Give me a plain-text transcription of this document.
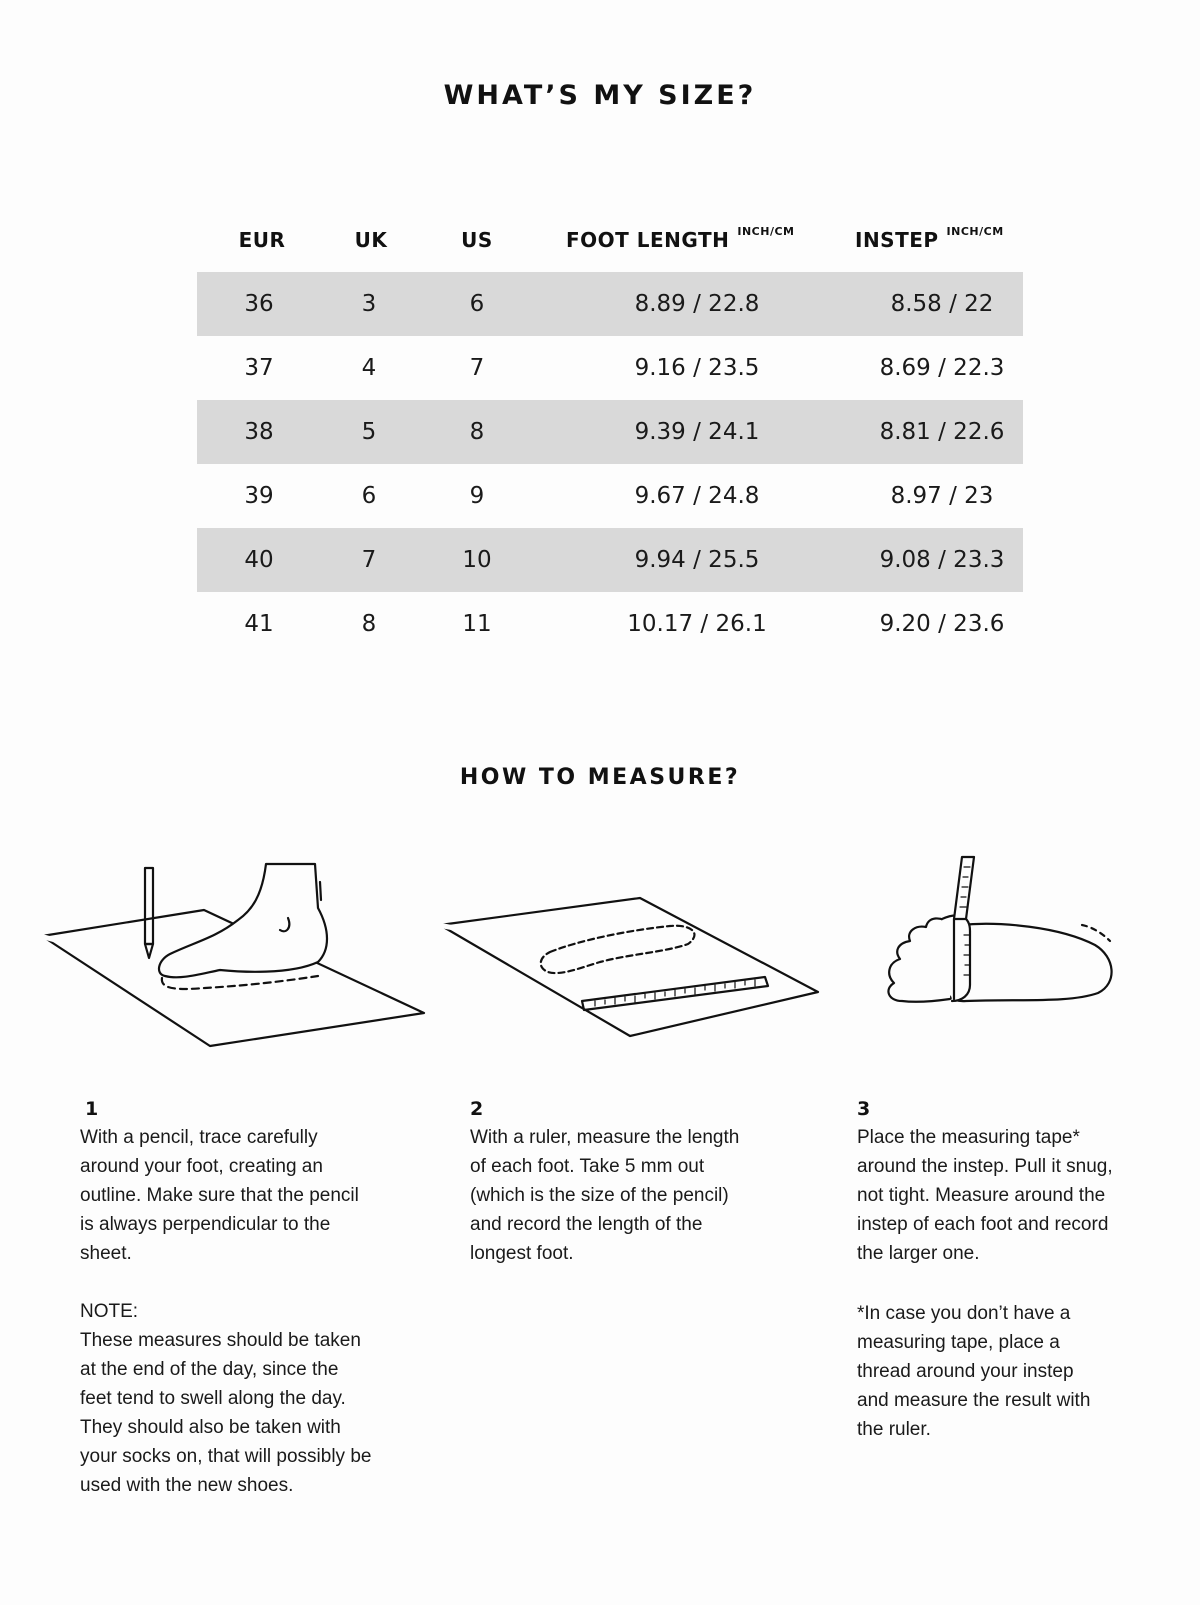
WHAT’S MY SIZE?
EUR	UK	US	FOOT LENGTH $^{INCH/CM}$	INSTEP $^{INCH/CM}$
36	3	6	8.89 / 22.8	8.58 / 22
37	4	7	9.16 / 23.5	8.69 / 22.3
38	5	8	9.39 / 24.1	8.81 / 22.6
39	6	9	9.67 / 24.8	8.97 / 23
40	7	10	9.94 / 25.5	9.08 / 23.3
41	8	11	10.17 / 26.1	9.20 / 23.6
HOW TO MEASURE?
1
With a pencil, trace carefully
around your foot, creating an
outline. Make sure that the pencil
is always perpendicular to the
sheet.
NOTE:
These measures should be taken
at the end of the day, since the
feet tend to swell along the day.
They should also be taken with
your socks on, that will possibly be
used with the new shoes.
2
With a ruler, measure the length
of each foot. Take 5 mm out
(which is the size of the pencil)
and record the length of the
longest foot.
3
Place the measuring tape*
around the instep. Pull it snug,
not tight. Measure around the
instep of each foot and record
the larger one.
*In case you don’t have a
measuring tape, place a
thread around your instep
and measure the result with
the ruler.
